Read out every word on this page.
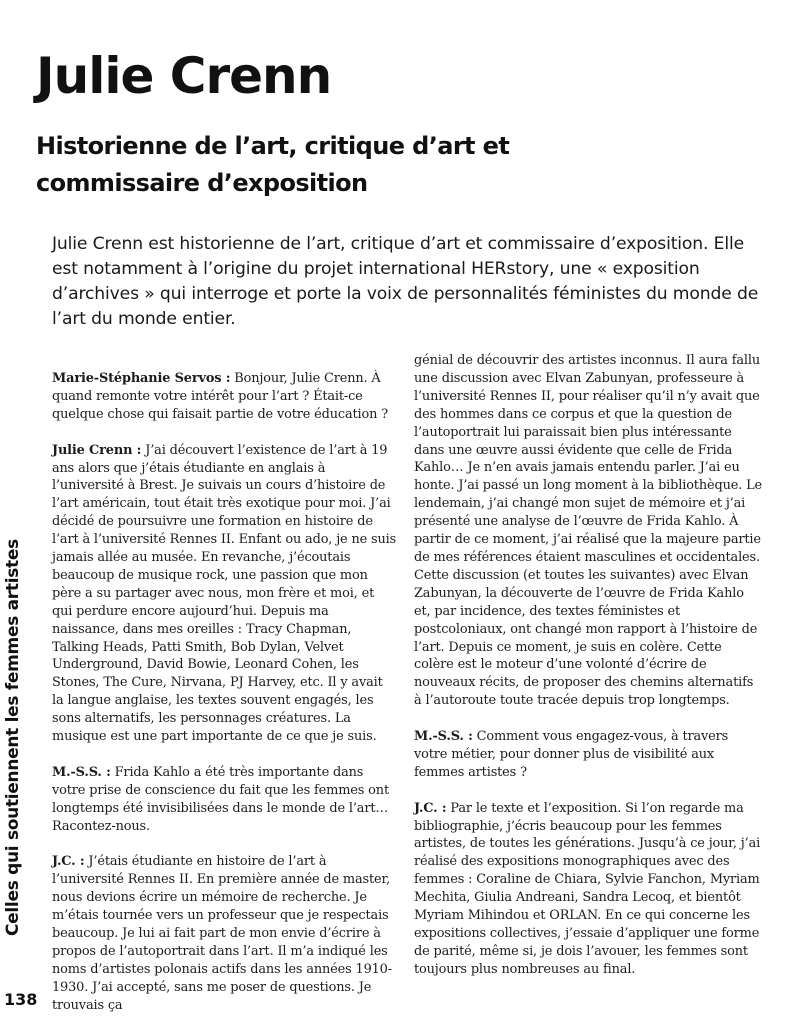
Julie Crenn
Historienne de l’art, critique d’art et commissaire d’exposition

Julie Crenn est historienne de l’art, critique d’art et commissaire d’exposition. Elle est notamment à l’origine du projet international HERstory, une « exposition d’archives » qui interroge et porte la voix de personnalités féministes du monde de l’art du monde entier.

Marie-Stéphanie Servos : Bonjour, Julie Crenn. À quand remonte votre intérêt pour l’art ? Était-ce quelque chose qui faisait partie de votre éducation ?

Julie Crenn : J’ai découvert l’existence de l’art à 19 ans alors que j’étais étudiante en anglais à l’université à Brest. Je suivais un cours d’histoire de l’art américain, tout était très exotique pour moi. J’ai décidé de poursuivre une formation en histoire de l’art à l’université Rennes II. Enfant ou ado, je ne suis jamais allée au musée. En revanche, j’écoutais beaucoup de musique rock, une passion que mon père a su partager avec nous, mon frère et moi, et qui perdure encore aujourd’hui. Depuis ma naissance, dans mes oreilles : Tracy Chapman, Talking Heads, Patti Smith, Bob Dylan, Velvet Underground, David Bowie, Leonard Cohen, les Stones, The Cure, Nirvana, PJ Harvey, etc. Il y avait la langue anglaise, les textes souvent engagés, les sons alternatifs, les personnages créatures. La musique est une part importante de ce que je suis.

M.-S.S. : Frida Kahlo a été très importante dans votre prise de conscience du fait que les femmes ont longtemps été invisibilisées dans le monde de l’art… Racontez-nous.

J.C. : J’étais étudiante en histoire de l’art à l’université Rennes II. En première année de master, nous devions écrire un mémoire de recherche. Je m’étais tournée vers un professeur que je respectais beaucoup. Je lui ai fait part de mon envie d’écrire à propos de l’autoportrait dans l’art. Il m’a indiqué les noms d’artistes polonais actifs dans les années 1910-1930. J’ai accepté, sans me poser de questions. Je trouvais ça

génial de découvrir des artistes inconnus. Il aura fallu une discussion avec Elvan Zabunyan, professeure à l’université Rennes II, pour réaliser qu’il n’y avait que des hommes dans ce corpus et que la question de l’autoportrait lui paraissait bien plus intéressante dans une œuvre aussi évidente que celle de Frida Kahlo… Je n’en avais jamais entendu parler. J’ai eu honte. J’ai passé un long moment à la bibliothèque. Le lendemain, j’ai changé mon sujet de mémoire et j’ai présenté une analyse de l’œuvre de Frida Kahlo. À partir de ce moment, j’ai réalisé que la majeure partie de mes références étaient masculines et occidentales. Cette discussion (et toutes les suivantes) avec Elvan Zabunyan, la découverte de l’œuvre de Frida Kahlo et, par incidence, des textes féministes et postcoloniaux, ont changé mon rapport à l’histoire de l’art. Depuis ce moment, je suis en colère. Cette colère est le moteur d’une volonté d’écrire de nouveaux récits, de proposer des chemins alternatifs à l’autoroute toute tracée depuis trop longtemps.

M.-S.S. : Comment vous engagez-vous, à travers votre métier, pour donner plus de visibilité aux femmes artistes ?

J.C. : Par le texte et l’exposition. Si l’on regarde ma bibliographie, j’écris beaucoup pour les femmes artistes, de toutes les générations. Jusqu’à ce jour, j’ai réalisé des expositions monographiques avec des femmes : Coraline de Chiara, Sylvie Fanchon, Myriam Mechita, Giulia Andreani, Sandra Lecoq, et bientôt Myriam Mihindou et ORLAN. En ce qui concerne les expositions collectives, j’essaie d’appliquer une forme de parité, même si, je dois l’avouer, les femmes sont toujours plus nombreuses au final.

Celles qui soutiennent les femmes artistes
138
